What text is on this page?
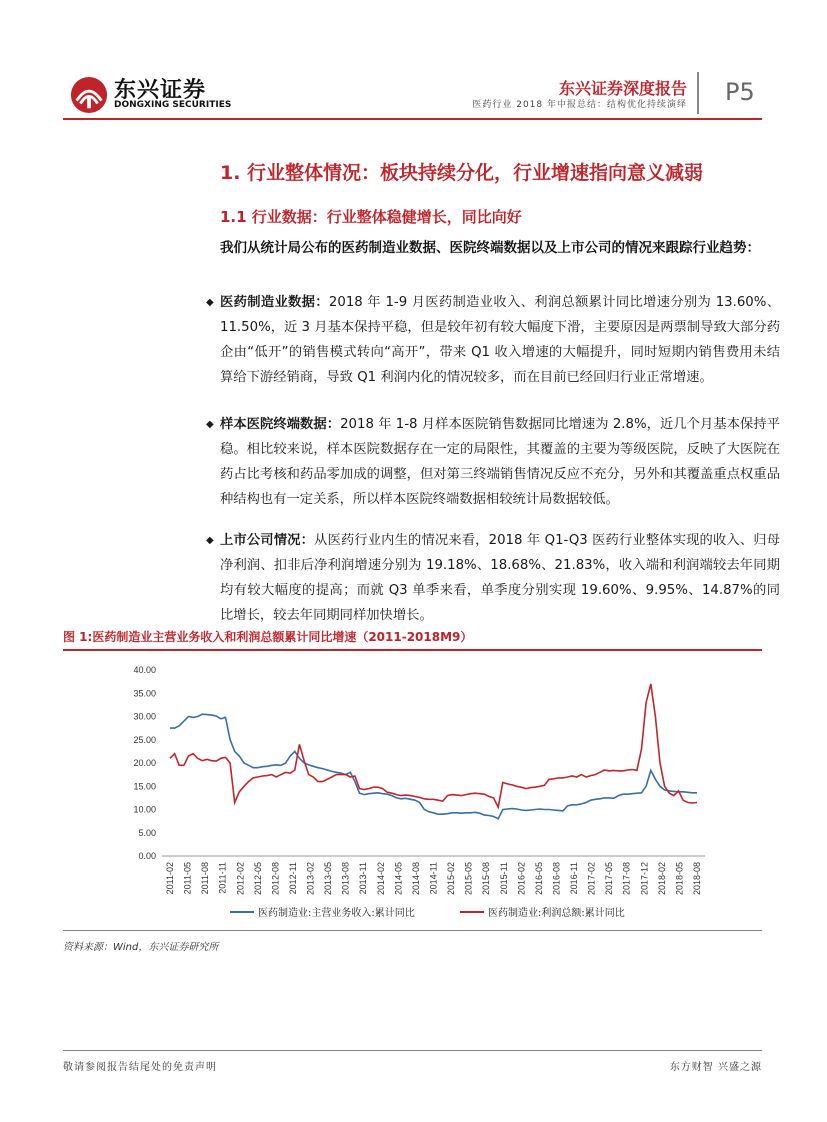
东兴证券
DONGXING SECURITIES
东兴证券深度报告
医药行业 2018 年中报总结：结构优化持续演绎 P5
1. 行业整体情况：板块持续分化，行业增速指向意义减弱
1.1 行业数据：行业整体稳健增长，同比向好
我们从统计局公布的医药制造业数据、医院终端数据以及上市公司的情况来跟踪行业趋势：
◆ 医药制造业数据：2018 年 1-9 月医药制造业收入、利润总额累计同比增速分别为 13.60%、11.50%，近 3 月基本保持平稳，但是较年初有较大幅度下滑，主要原因是两票制导致大部分药企由“低开”的销售模式转向“高开”，带来 Q1 收入增速的大幅提升，同时短期内销售费用未结算给下游经销商，导致 Q1 利润内化的情况较多，而在目前已经回归行业正常增速。
◆ 样本医院终端数据：2018 年 1-8 月样本医院销售数据同比增速为 2.8%，近几个月基本保持平稳。相比较来说，样本医院数据存在一定的局限性，其覆盖的主要为等级医院，反映了大医院在药占比考核和药品零加成的调整，但对第三终端销售情况反应不充分，另外和其覆盖重点权重品种结构也有一定关系，所以样本医院终端数据相较统计局数据较低。
◆ 上市公司情况：从医药行业内生的情况来看，2018 年 Q1-Q3 医药行业整体实现的收入、归母净利润、扣非后净利润增速分别为 19.18%、18.68%、21.83%，收入端和利润端较去年同期均有较大幅度的提高；而就 Q3 单季来看，单季度分别实现 19.60%、9.95%、14.87%的同比增长，较去年同期同样加快增长。
图 1:医药制造业主营业务收入和利润总额累计同比增速（2011-2018M9）
0.00
5.00
10.00
15.00
20.00
25.00
30.00
35.00
40.00
2011-02 2011-05 2011-08 2011-11 2012-02 2012-05 2012-08 2012-11 2013-02 2013-05 2013-08 2013-11 2014-02 2014-05 2014-08 2014-11 2015-02 2015-05 2015-08 2015-11 2016-02 2016-05 2016-08 2016-11 2017-02 2017-05 2017-08 2017-12 2018-02 2018-05 2018-08
医药制造业:主营业务收入:累计同比	医药制造业:利润总额:累计同比
资料来源：Wind，东兴证券研究所
敬请参阅报告结尾处的免责声明	东方财智 兴盛之源
